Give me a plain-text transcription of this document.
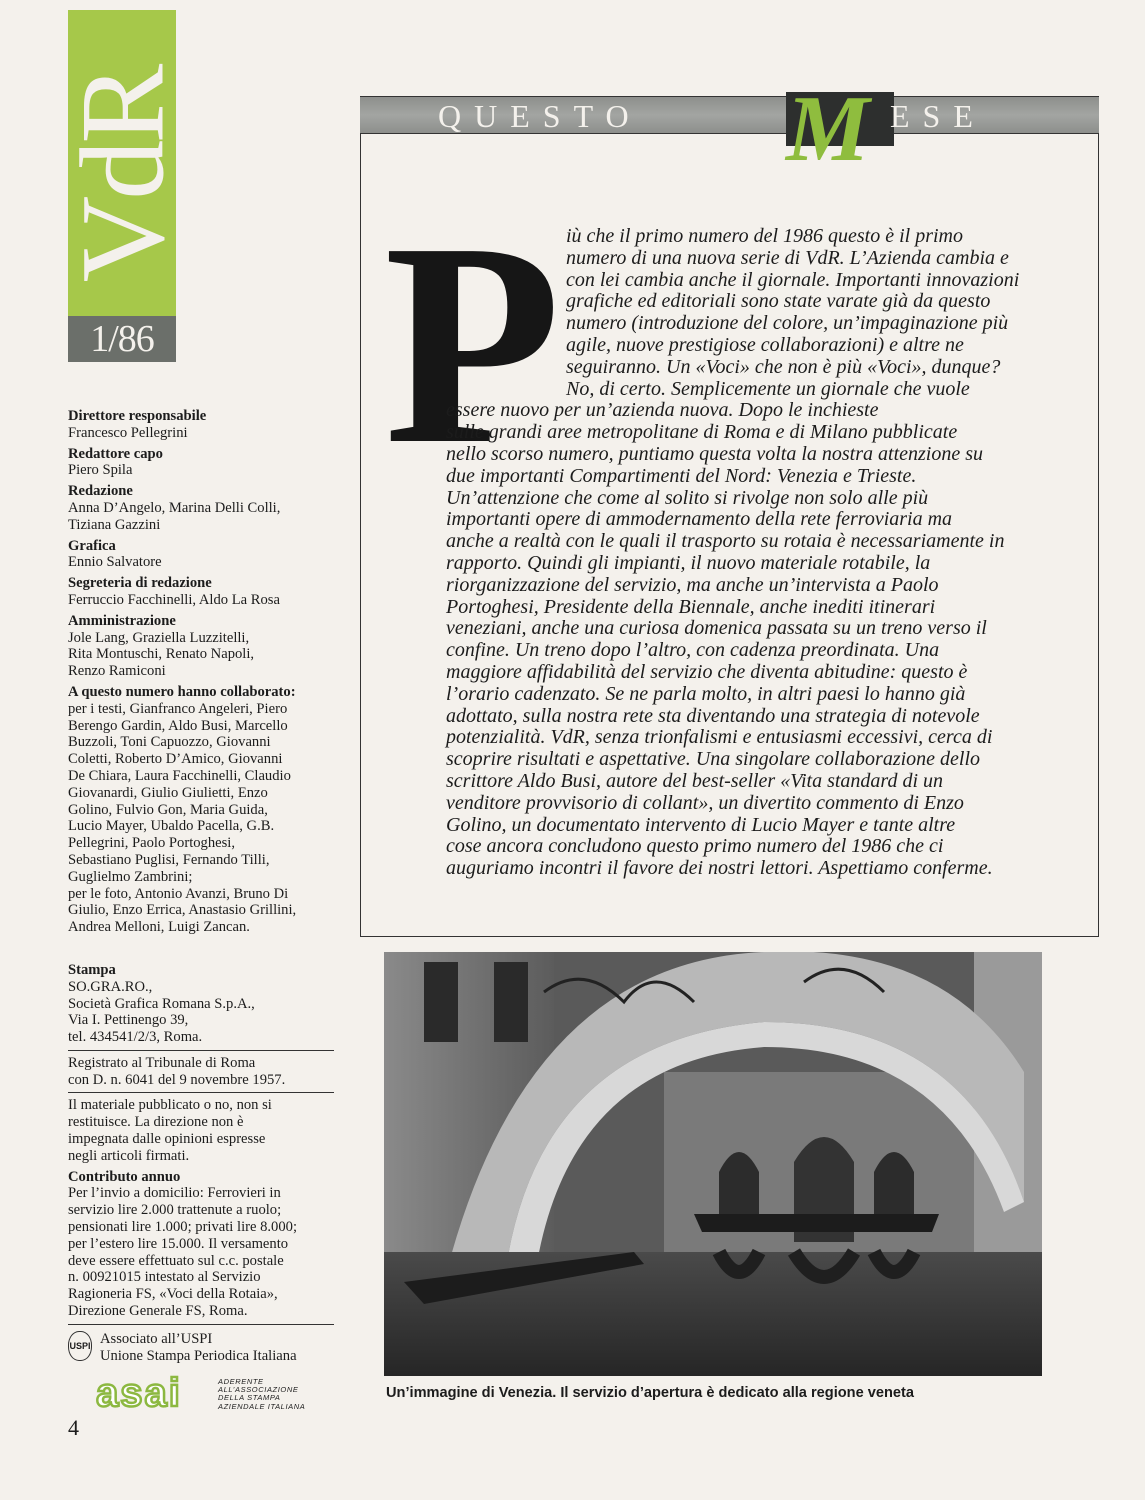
VdR
1/86
Direttore responsabile
Francesco Pellegrini
Redattore capo
Piero Spila
Redazione
Anna D’Angelo, Marina Delli Colli,
Tiziana Gazzini
Grafica
Ennio Salvatore
Segreteria di redazione
Ferruccio Facchinelli, Aldo La Rosa
Amministrazione
Jole Lang, Graziella Luzzitelli,
Rita Montuschi, Renato Napoli,
Renzo Ramiconi
A questo numero hanno collaborato:
per i testi, Gianfranco Angeleri, Piero
Berengo Gardin, Aldo Busi, Marcello
Buzzoli, Toni Capuozzo, Giovanni
Coletti, Roberto D’Amico, Giovanni
De Chiara, Laura Facchinelli, Claudio
Giovanardi, Giulio Giulietti, Enzo
Golino, Fulvio Gon, Maria Guida,
Lucio Mayer, Ubaldo Pacella, G.B.
Pellegrini, Paolo Portoghesi,
Sebastiano Puglisi, Fernando Tilli,
Guglielmo Zambrini;
per le foto, Antonio Avanzi, Bruno Di
Giulio, Enzo Errica, Anastasio Grillini,
Andrea Melloni, Luigi Zancan.
Stampa
SO.GRA.RO.,
Società Grafica Romana S.p.A.,
Via I. Pettinengo 39,
tel. 434541/2/3, Roma.
Registrato al Tribunale di Roma
con D. n. 6041 del 9 novembre 1957.
Il materiale pubblicato o no, non si
restituisce. La direzione non è
impegnata dalle opinioni espresse
negli articoli firmati.
Contributo annuo
Per l’invio a domicilio: Ferrovieri in
servizio lire 2.000 trattenute a ruolo;
pensionati lire 1.000; privati lire 8.000;
per l’estero lire 15.000. Il versamento
deve essere effettuato sul c.c. postale
n. 00921015 intestato al Servizio
Ragioneria FS, «Voci della Rotaia»,
Direzione Generale FS, Roma.
USPI Associato all’USPI
Unione Stampa Periodica Italiana
asai	ADERENTE
ALL’ASSOCIAZIONE
DELLA STAMPA
AZIENDALE ITALIANA
QUESTO M ESE
P iù che il primo numero del 1986 questo è il primo
numero di una nuova serie di VdR. L’Azienda cambia e
con lei cambia anche il giornale. Importanti innovazioni
grafiche ed editoriali sono state varate già da questo
numero (introduzione del colore, un’impaginazione più
agile, nuove prestigiose collaborazioni) e altre ne
seguiranno. Un «Voci» che non è più «Voci», dunque?
No, di certo. Semplicemente un giornale che vuole
essere nuovo per un’azienda nuova. Dopo le inchieste
sulle grandi aree metropolitane di Roma e di Milano pubblicate
nello scorso numero, puntiamo questa volta la nostra attenzione su
due importanti Compartimenti del Nord: Venezia e Trieste.
Un’attenzione che come al solito si rivolge non solo alle più
importanti opere di ammodernamento della rete ferroviaria ma
anche a realtà con le quali il trasporto su rotaia è necessariamente in
rapporto. Quindi gli impianti, il nuovo materiale rotabile, la
riorganizzazione del servizio, ma anche un’intervista a Paolo
Portoghesi, Presidente della Biennale, anche inediti itinerari
veneziani, anche una curiosa domenica passata su un treno verso il
confine. Un treno dopo l’altro, con cadenza preordinata. Una
maggiore affidabilità del servizio che diventa abitudine: questo è
l’orario cadenzato. Se ne parla molto, in altri paesi lo hanno già
adottato, sulla nostra rete sta diventando una strategia di notevole
potenzialità. VdR, senza trionfalismi e entusiasmi eccessivi, cerca di
scoprire risultati e aspettative. Una singolare collaborazione dello
scrittore Aldo Busi, autore del best-seller «Vita standard di un
venditore provvisorio di collant», un divertito commento di Enzo
Golino, un documentato intervento di Lucio Mayer e tante altre
cose ancora concludono questo primo numero del 1986 che ci
auguriamo incontri il favore dei nostri lettori. Aspettiamo conferme.
Un’immagine di Venezia. Il servizio d’apertura è dedicato alla regione veneta
4
